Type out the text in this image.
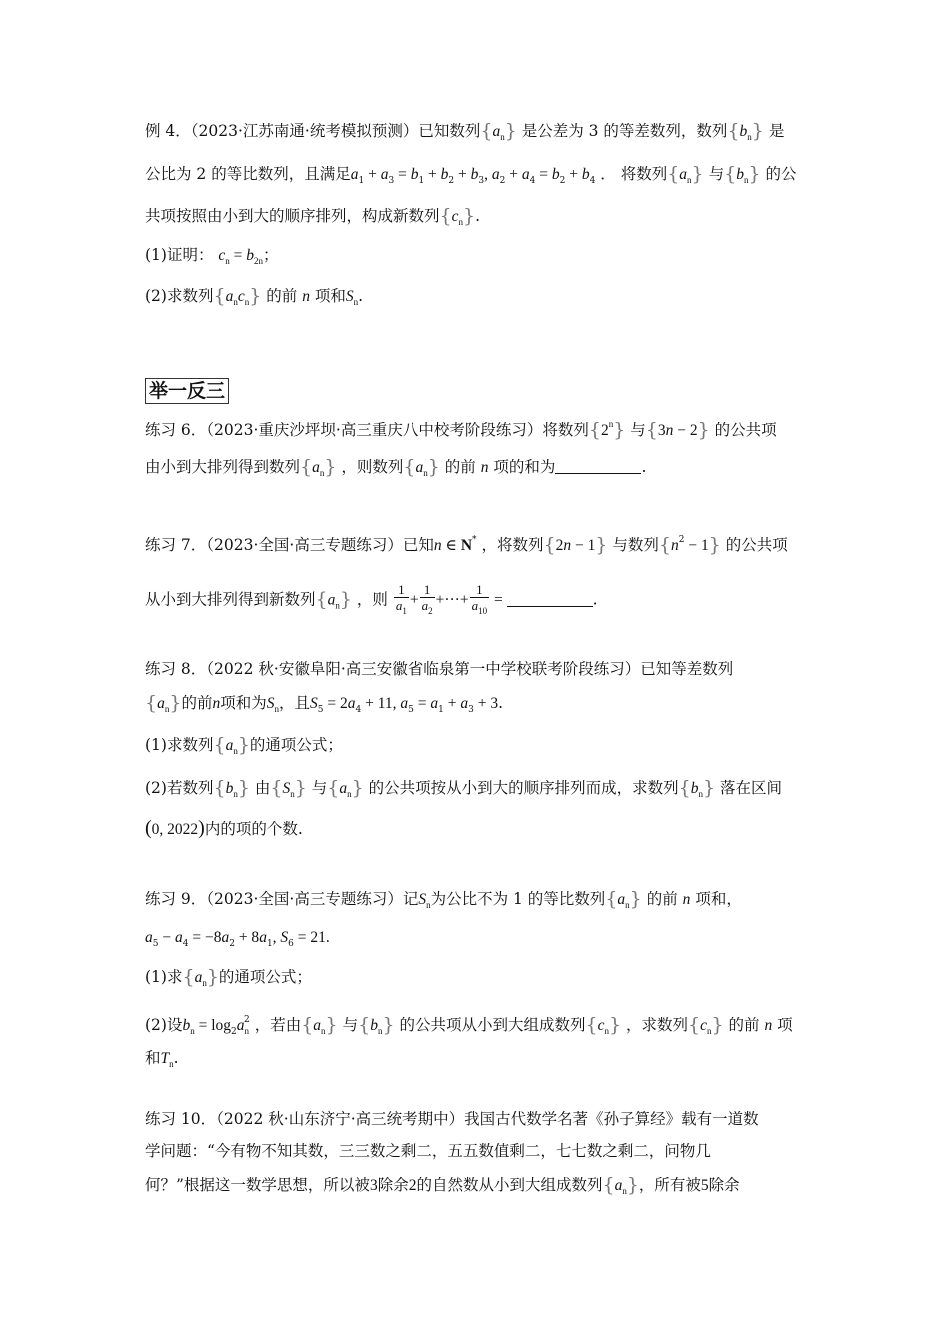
例 4．（2023·江苏南通·统考模拟预测）已知数列$\{a_n\}$ 是公差为 3 的等差数列，数列$\{b_n\}$ 是
公比为 2 的等比数列，且满足$a_1 + a_3 = b_1 + b_2 + b_3$, $a_2 + a_4 = b_2 + b_4$ ． 将数列$\{a_n\}$ 与$\{b_n\}$ 的公
共项按照由小到大的顺序排列，构成新数列$\{c_n\}$.
(1)证明： $c_n = b_{2n}$；
(2)求数列$\{a_nc_n\}$ 的前 n 项和$S_n$.
举一反三
练习 6．（2023·重庆沙坪坝·高三重庆八中校考阶段练习）将数列{2$^n$} 与{3n − 2} 的公共项
由小到大排列得到数列$\{a_n\}$ ，则数列$\{a_n\}$ 的前 n 项的和为	.
练习 7．（2023·全国·高三专题练习）已知n ∈ N* ，将数列{2n − 1} 与数列$\{n^2 - 1\}$ 的公共项
从小到大排列得到新数列$\{a_n\}$ ，则 $\frac{1}{a_1} + \frac{1}{a_2}$ +···+ $\frac{1}{a_{10}}$ =	.
练习 8．（2022 秋·安徽阜阳·高三安徽省临泉第一中学校联考阶段练习）已知等差数列
$\{a_n\}$的前n项和为$S_n$，且$S_5 = 2a_4 + 11$, $a_5 = a_1 + a_3 + 3$.
(1)求数列$\{a_n\}$的通项公式；
(2)若数列$\{b_n\}$ 由$\{S_n\}$ 与$\{a_n\}$ 的公共项按从小到大的顺序排列而成，求数列$\{b_n\}$ 落在区间
(0, 2022)内的项的个数.
练习 9．（2023·全国·高三专题练习）记$S_n$为公比不为 1 的等比数列$\{a_n\}$ 的前 n 项和，
$a_5 - a_4 = -8a_2 + 8a_1$, $S_6 = 21$.
(1)求$\{a_n\}$的通项公式；
(2)设$b_n = \log_2a_n^2$ ，若由$\{a_n\}$ 与$\{b_n\}$ 的公共项从小到大组成数列$\{c_n\}$ ，求数列$\{c_n\}$ 的前 n 项
和$T_n$.
练习 10．（2022 秋·山东济宁·高三统考期中）我国古代数学名著《孙子算经》载有一道数
学问题：“今有物不知其数，三三数之剩二，五五数值剩二，七七数之剩二，问物几
何？”根据这一数学思想，所以被3除余2的自然数从小到大组成数列$\{a_n\}$，所有被5除余
